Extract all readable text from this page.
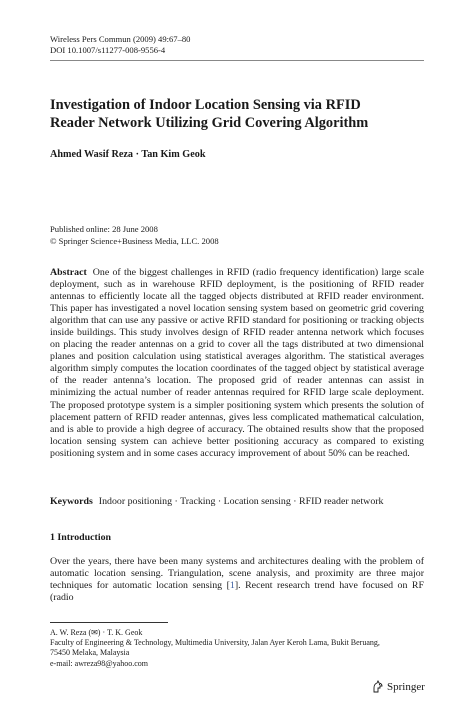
Wireless Pers Commun (2009) 49:67–80
DOI 10.1007/s11277-008-9556-4
Investigation of Indoor Location Sensing via RFID
Reader Network Utilizing Grid Covering Algorithm
Ahmed Wasif Reza · Tan Kim Geok
Published online: 28 June 2008
© Springer Science+Business Media, LLC. 2008

Abstract One of the biggest challenges in RFID (radio frequency identification) large scale deployment, such as in warehouse RFID deployment, is the positioning of RFID reader antennas to efficiently locate all the tagged objects distributed at RFID reader environment. This paper has investigated a novel location sensing system based on geometric grid covering algorithm that can use any passive or active RFID standard for positioning or tracking objects inside buildings. This study involves design of RFID reader antenna network which focuses on placing the reader antennas on a grid to cover all the tags distributed at two dimensional planes and position calculation using statistical averages algorithm. The statistical averages algorithm simply computes the location coordinates of the tagged object by statistical average of the reader antenna’s location. The proposed grid of reader antennas can assist in minimizing the actual number of reader antennas required for RFID large scale deployment. The proposed prototype system is a simpler positioning system which presents the solution of placement pattern of RFID reader antennas, gives less complicated mathematical calculation, and is able to provide a high degree of accuracy. The obtained results show that the proposed location sensing system can achieve better positioning accuracy as compared to existing positioning system and in some cases accuracy improvement of about 50% can be reached.

Keywords Indoor positioning · Tracking · Location sensing · RFID reader network
1 Introduction

Over the years, there have been many systems and architectures dealing with the problem of automatic location sensing. Triangulation, scene analysis, and proximity are three major techniques for automatic location sensing [1]. Recent research trend have focused on RF (radio

A. W. Reza (✉) · T. K. Geok
Faculty of Engineering & Technology, Multimedia University, Jalan Ayer Keroh Lama, Bukit Beruang,
75450 Melaka, Malaysia
e-mail: awreza98@yahoo.com
Springer
